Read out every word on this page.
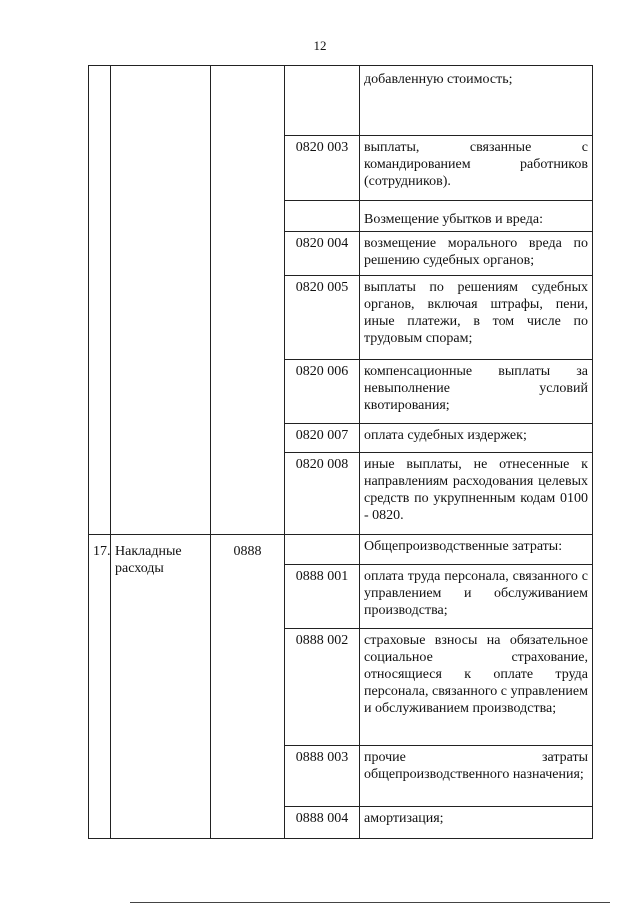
12
				добавленную стоимость;
			0820 003	выплаты, связанные с командированием работников (сотрудников).
				Возмещение убытков и вреда:
			0820 004	возмещение морального вреда по решению судебных органов;
			0820 005	выплаты по решениям судебных органов, включая штрафы, пени, иные платежи, в том числе по трудовым спорам;
			0820 006	компенсационные выплаты за невыполнение условий квотирования;
			0820 007	оплата судебных издержек;
			0820 008	иные выплаты, не отнесенные к направлениям расходования целевых средств по укрупненным кодам 0100 - 0820.
17.	Накладные расходы	0888		Общепроизводственные затраты:
			0888 001	оплата труда персонала, связанного с управлением и обслуживанием производства;
			0888 002	страховые взносы на обязательное социальное страхование, относящиеся к оплате труда персонала, связанного с управлением и обслуживанием производства;
			0888 003	прочие затраты общепроизводственного назначения;
			0888 004	амортизация;
